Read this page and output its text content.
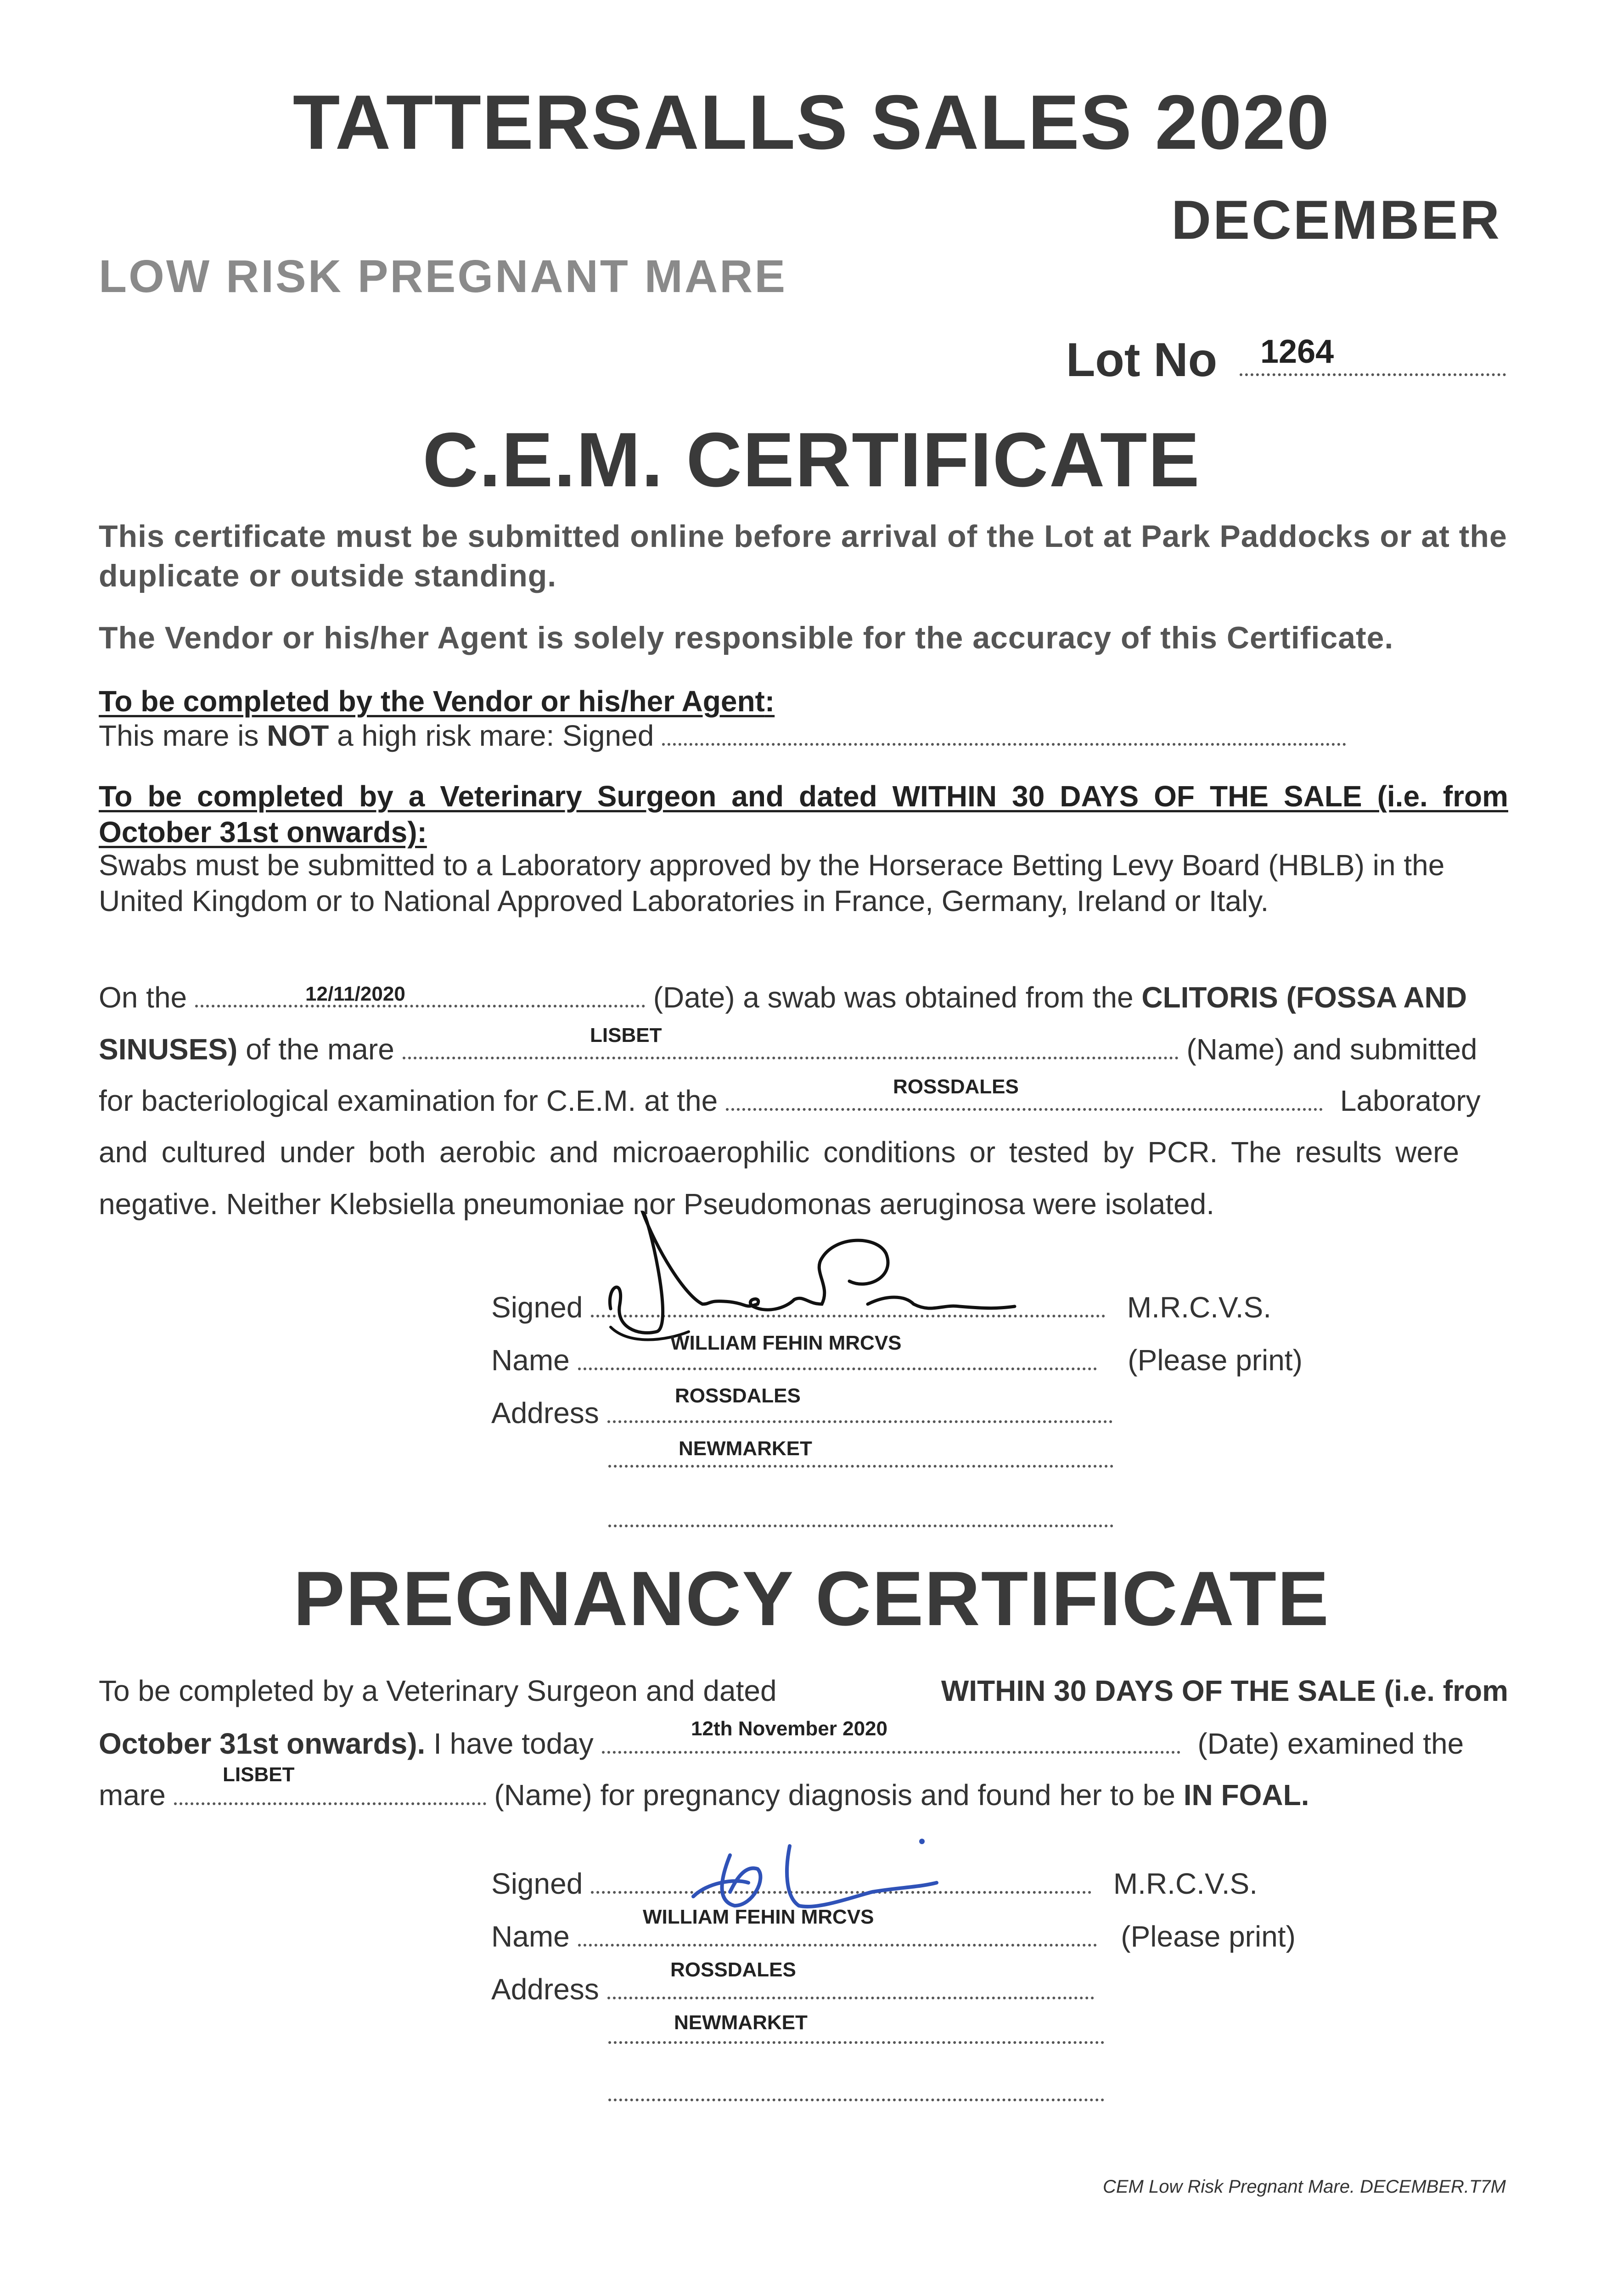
TATTERSALLS SALES 2020
DECEMBER
LOW RISK PREGNANT MARE
Lot No	1264
C.E.M. CERTIFICATE
This certificate must be submitted online before arrival of the Lot at Park Paddocks or at the duplicate or outside standing.
The Vendor or his/her Agent is solely responsible for the accuracy of this Certificate.
To be completed by the Vendor or his/her Agent:
This mare is NOT a high risk mare: Signed
To be completed by a Veterinary Surgeon and dated WITHIN 30 DAYS OF THE SALE (i.e. from October 31st onwards):
Swabs must be submitted to a Laboratory approved by the Horserace Betting Levy Board (HBLB) in the United Kingdom or to National Approved Laboratories in France, Germany, Ireland or Italy.
On the	(Date) a swab was obtained from the CLITORIS (FOSSA AND
12/11/2020
SINUSES) of the mare	(Name) and submitted
LISBET
for bacteriological examination for C.E.M. at the	Laboratory
ROSSDALES
and cultured under both aerobic and microaerophilic conditions or tested by PCR. The results were
negative. Neither Klebsiella pneumoniae nor Pseudomonas aeruginosa were isolated.
Signed	M.R.C.V.S.
Name	(Please print)
WILLIAM FEHIN MRCVS
Address
ROSSDALES
NEWMARKET
PREGNANCY CERTIFICATE
To be completed by a Veterinary Surgeon and dated	WITHIN 30 DAYS OF THE SALE (i.e. from
October 31st onwards). I have today	(Date) examined the
12th November 2020
mare	(Name) for pregnancy diagnosis and found her to be IN FOAL.
LISBET
Signed	M.R.C.V.S.
Name	(Please print)
WILLIAM FEHIN MRCVS
Address
ROSSDALES
NEWMARKET
CEM Low Risk Pregnant Mare. DECEMBER.T7M
